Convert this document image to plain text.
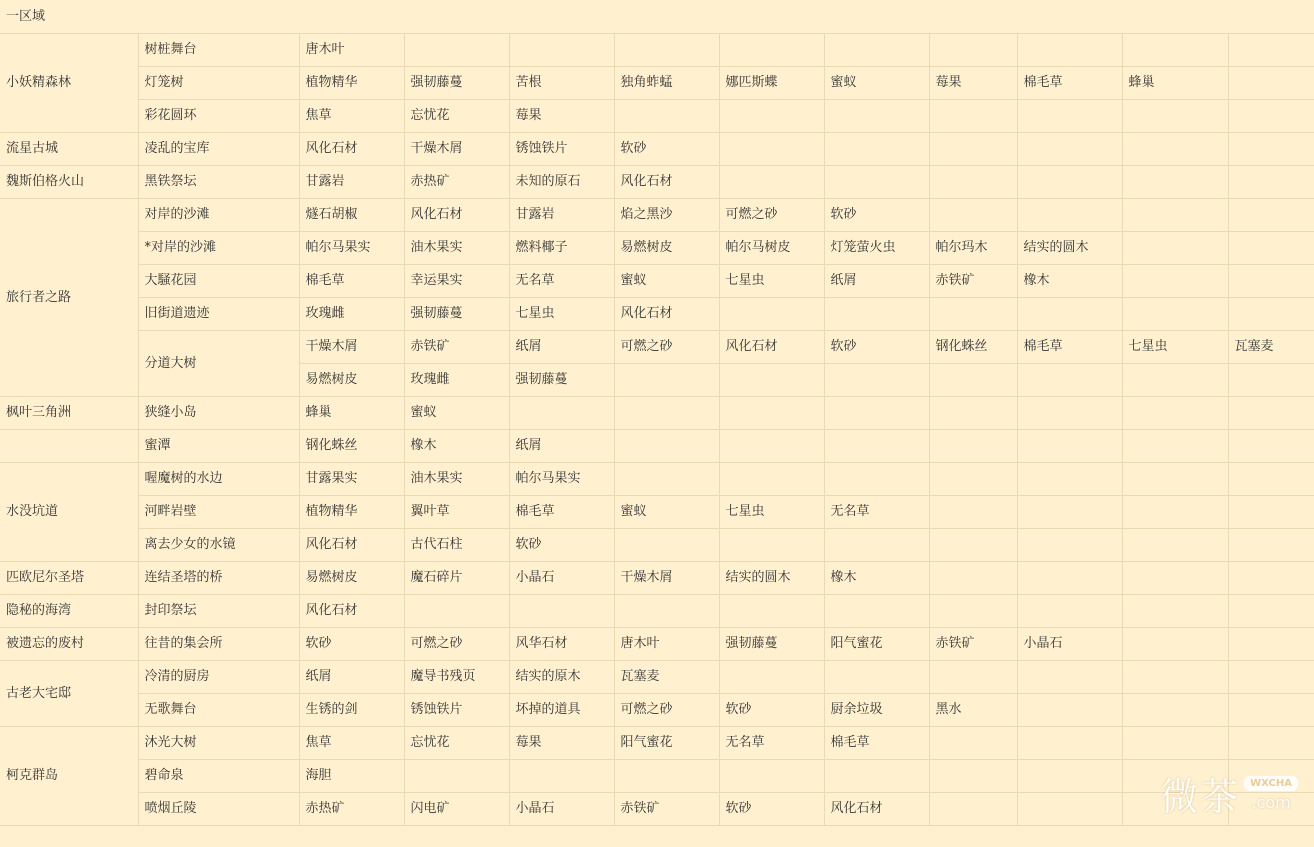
一区域											
小妖精森林	树桩舞台	唐木叶									
	灯笼树	植物精华	强韧藤蔓	苦根	独角蚱蜢	娜匹斯蝶	蜜蚁	莓果	棉毛草	蜂巢	
	彩花圆环	焦草	忘忧花	莓果							
流星古城	凌乱的宝库	风化石材	干燥木屑	锈蚀铁片	软砂						
魏斯伯格火山	黑铁祭坛	甘露岩	赤热矿	未知的原石	风化石材						
旅行者之路	对岸的沙滩	燧石胡椒	风化石材	甘露岩	焰之黑沙	可燃之砂	软砂				
	*对岸的沙滩	帕尔马果实	油木果实	燃料椰子	易燃树皮	帕尔马树皮	灯笼萤火虫	帕尔玛木	结实的圆木		
	大騒花园	棉毛草	幸运果实	无名草	蜜蚁	七星虫	纸屑	赤铁矿	橡木		
	旧街道遗迹	玫瑰雌	强韧藤蔓	七星虫	风化石材						
	分道大树	干燥木屑	赤铁矿	纸屑	可燃之砂	风化石材	软砂	钢化蛛丝	棉毛草	七星虫	瓦塞麦
		易燃树皮	玫瑰雌	强韧藤蔓							
枫叶三角洲	狭缝小岛	蜂巢	蜜蚁								
	蜜潭	钢化蛛丝	橡木	纸屑							
水没坑道	喔魔树的水边	甘露果实	油木果实	帕尔马果实							
	河畔岩壁	植物精华	翼叶草	棉毛草	蜜蚁	七星虫	无名草				
	离去少女的水镜	风化石材	古代石柱	软砂							
匹欧尼尔圣塔	连结圣塔的桥	易燃树皮	魔石碎片	小晶石	干燥木屑	结实的圆木	橡木				
隐秘的海湾	封印祭坛	风化石材									
被遗忘的废村	往昔的集会所	软砂	可燃之砂	风华石材	唐木叶	强韧藤蔓	阳气蜜花	赤铁矿	小晶石		
古老大宅邸	冷清的厨房	纸屑	魔导书残页	结实的原木	瓦塞麦						
	无歌舞台	生锈的剑	锈蚀铁片	坏掉的道具	可燃之砂	软砂	厨余垃圾	黑水			
柯克群岛	沐光大树	焦草	忘忧花	莓果	阳气蜜花	无名草	棉毛草				
	碧命泉	海胆									
	喷烟丘陵	赤热矿	闪电矿	小晶石	赤铁矿	软砂	风化石材					微茶	WXCHA
.com
